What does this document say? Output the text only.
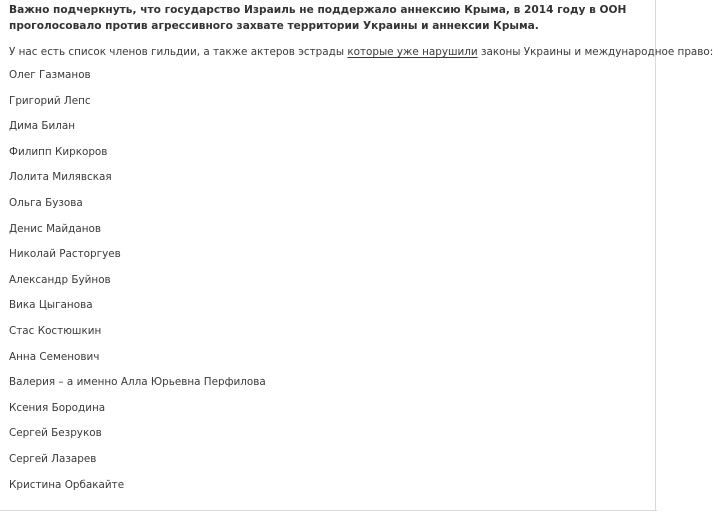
Важно подчеркнуть, что государство Израиль не поддержало аннексию Крыма, в 2014 году в ООН
проголосовало против агрессивного захвате территории Украины и аннексии Крыма.

У нас есть список членов гильдии, а также актеров эстрады которые уже нарушили законы Украины и международное право:

Олег Газманов
Григорий Лепс
Дима Билан
Филипп Киркоров
Лолита Милявская
Ольга Бузова
Денис Майданов
Николай Расторгуев
Александр Буйнов
Вика Цыганова
Стас Костюшкин
Анна Семенович
Валерия – а именно Алла Юрьевна Перфилова
Ксения Бородина
Сергей Безруков
Сергей Лазарев
Кристина Орбакайте
